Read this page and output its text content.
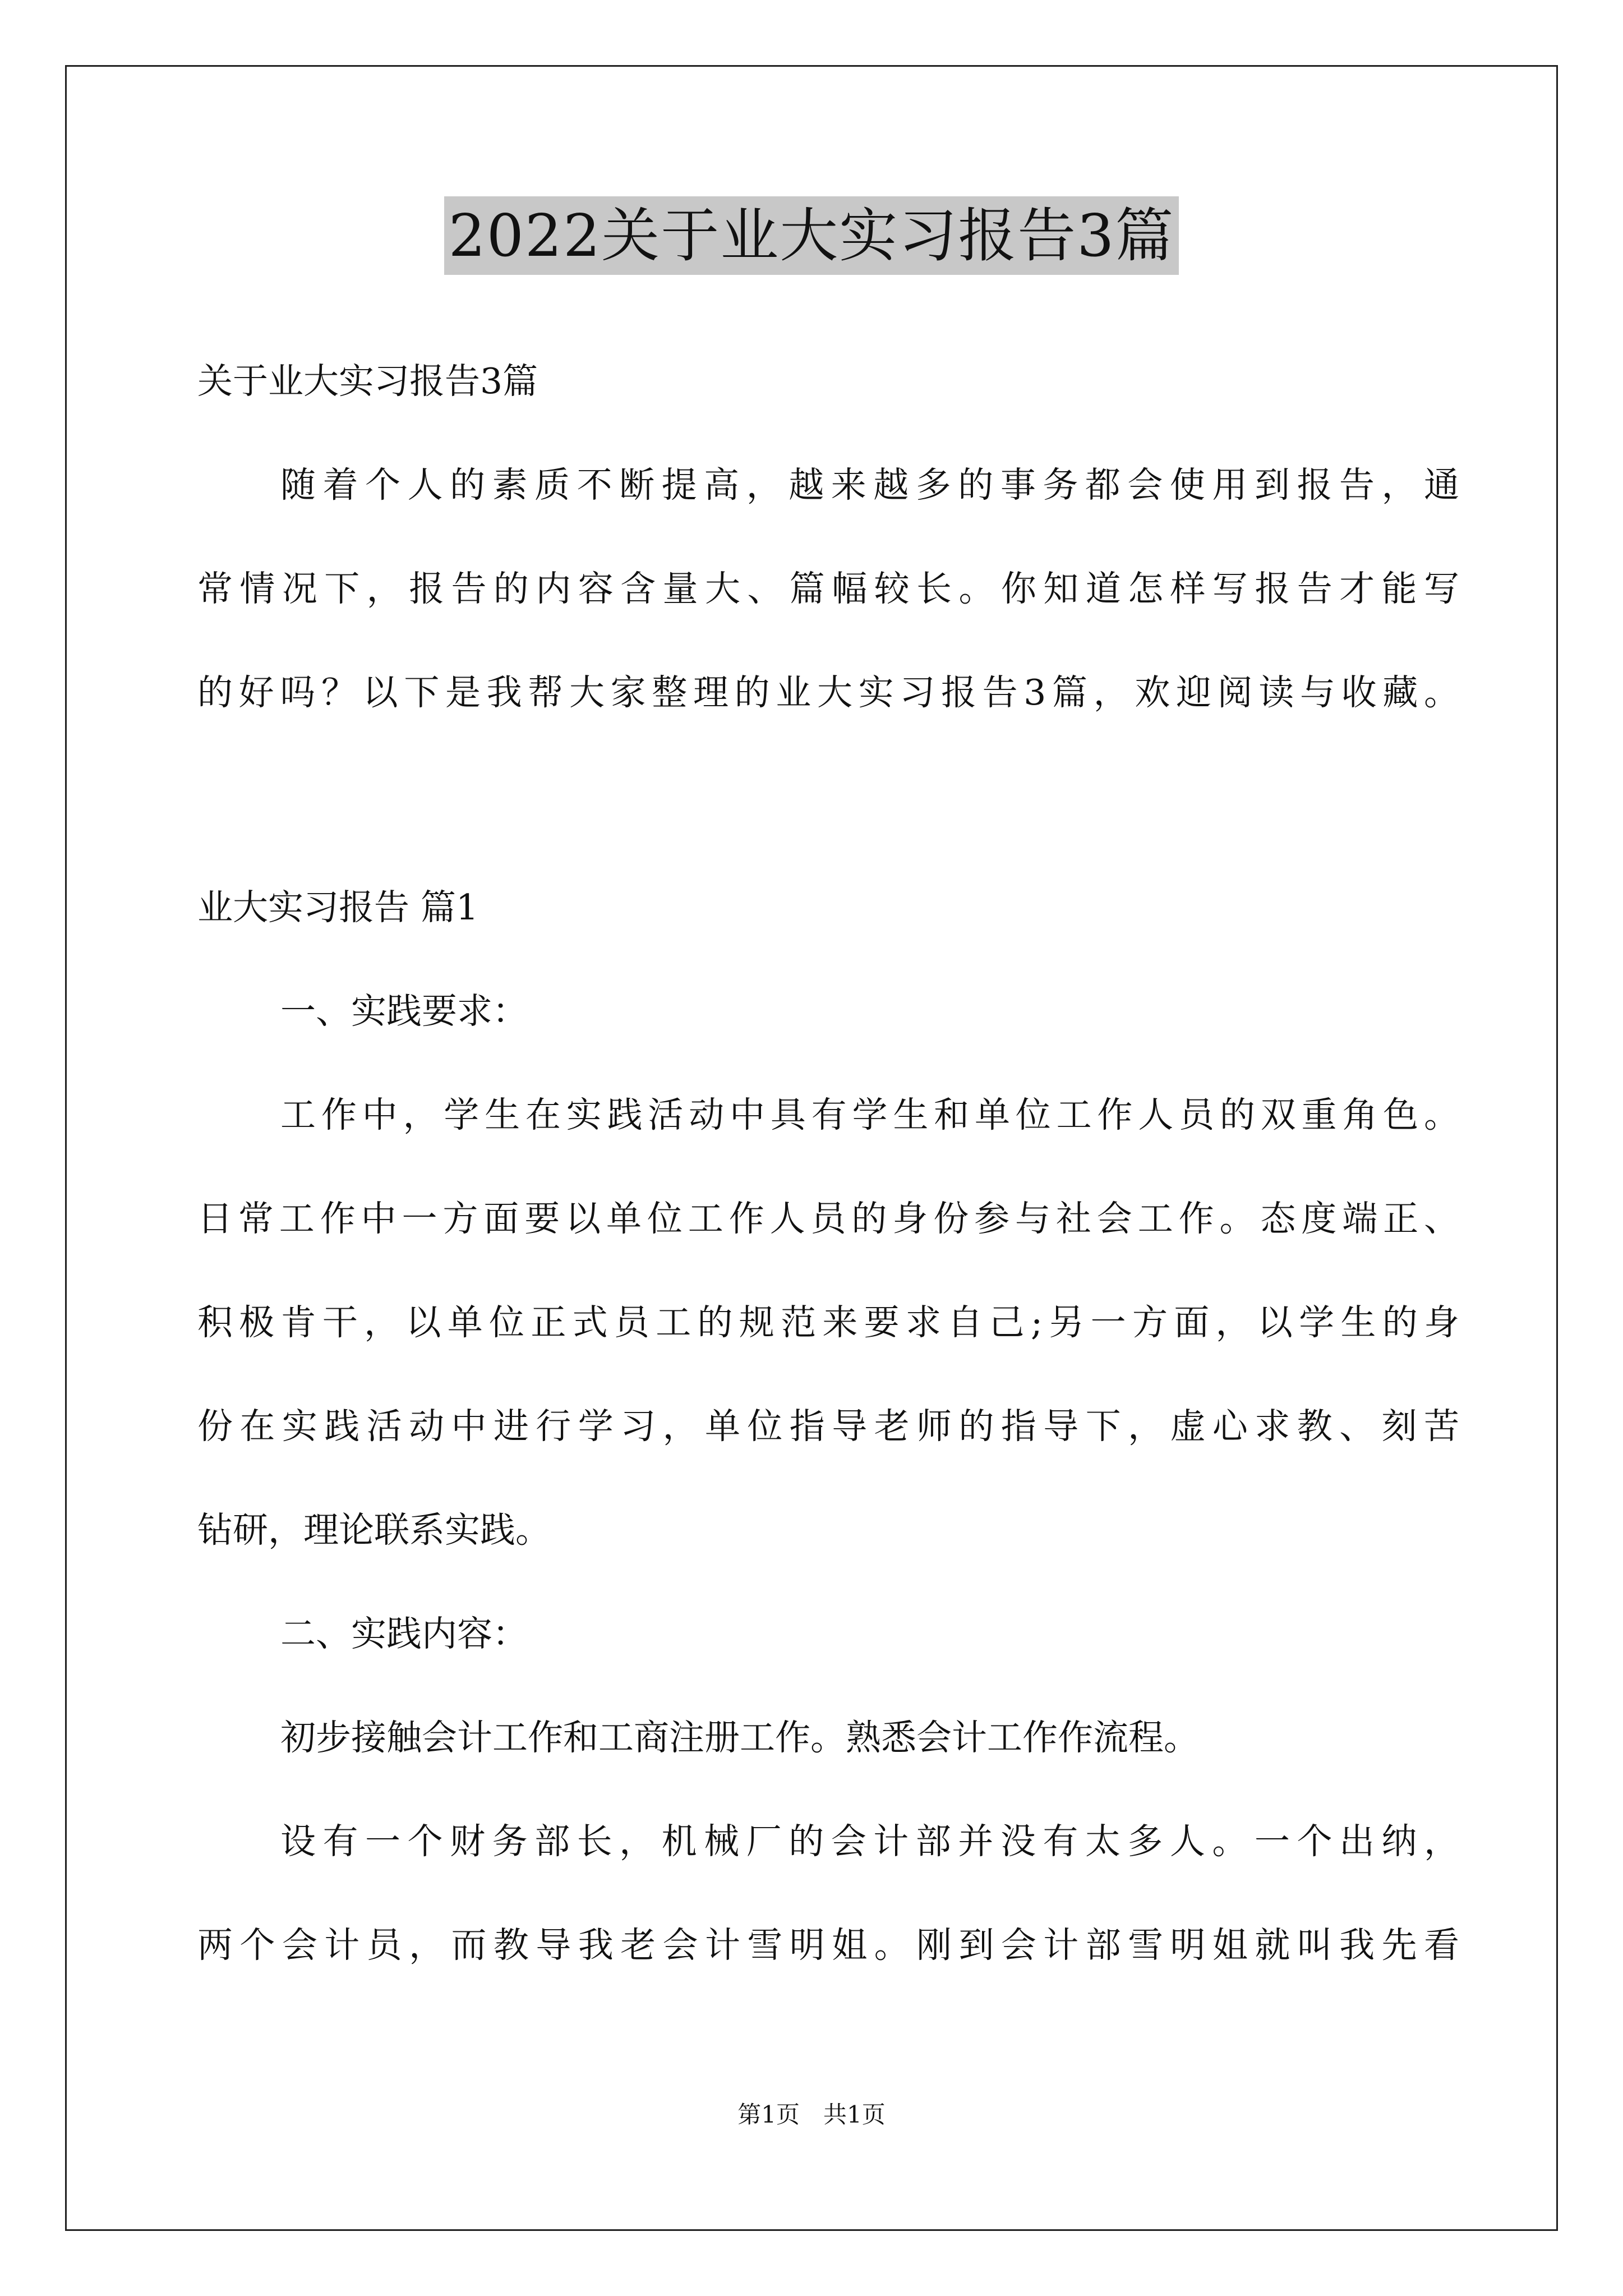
2022关于业大实习报告3篇
关于业大实习报告3篇
随着个人的素质不断提高，越来越多的事务都会使用到报告，通
常情况下，报告的内容含量大、篇幅较长。你知道怎样写报告才能写
的好吗？以下是我帮大家整理的业大实习报告3篇，欢迎阅读与收藏。
业大实习报告 篇1
一、实践要求：
工作中，学生在实践活动中具有学生和单位工作人员的双重角色。
日常工作中一方面要以单位工作人员的身份参与社会工作。态度端正、
积极肯干，以单位正式员工的规范来要求自己;另一方面，以学生的身
份在实践活动中进行学习，单位指导老师的指导下，虚心求教、刻苦
钻研，理论联系实践。
二、实践内容：
初步接触会计工作和工商注册工作。熟悉会计工作作流程。
设有一个财务部长，机械厂的会计部并没有太多人。一个出纳，
两个会计员，而教导我老会计雪明姐。刚到会计部雪明姐就叫我先看
第1页　共1页
